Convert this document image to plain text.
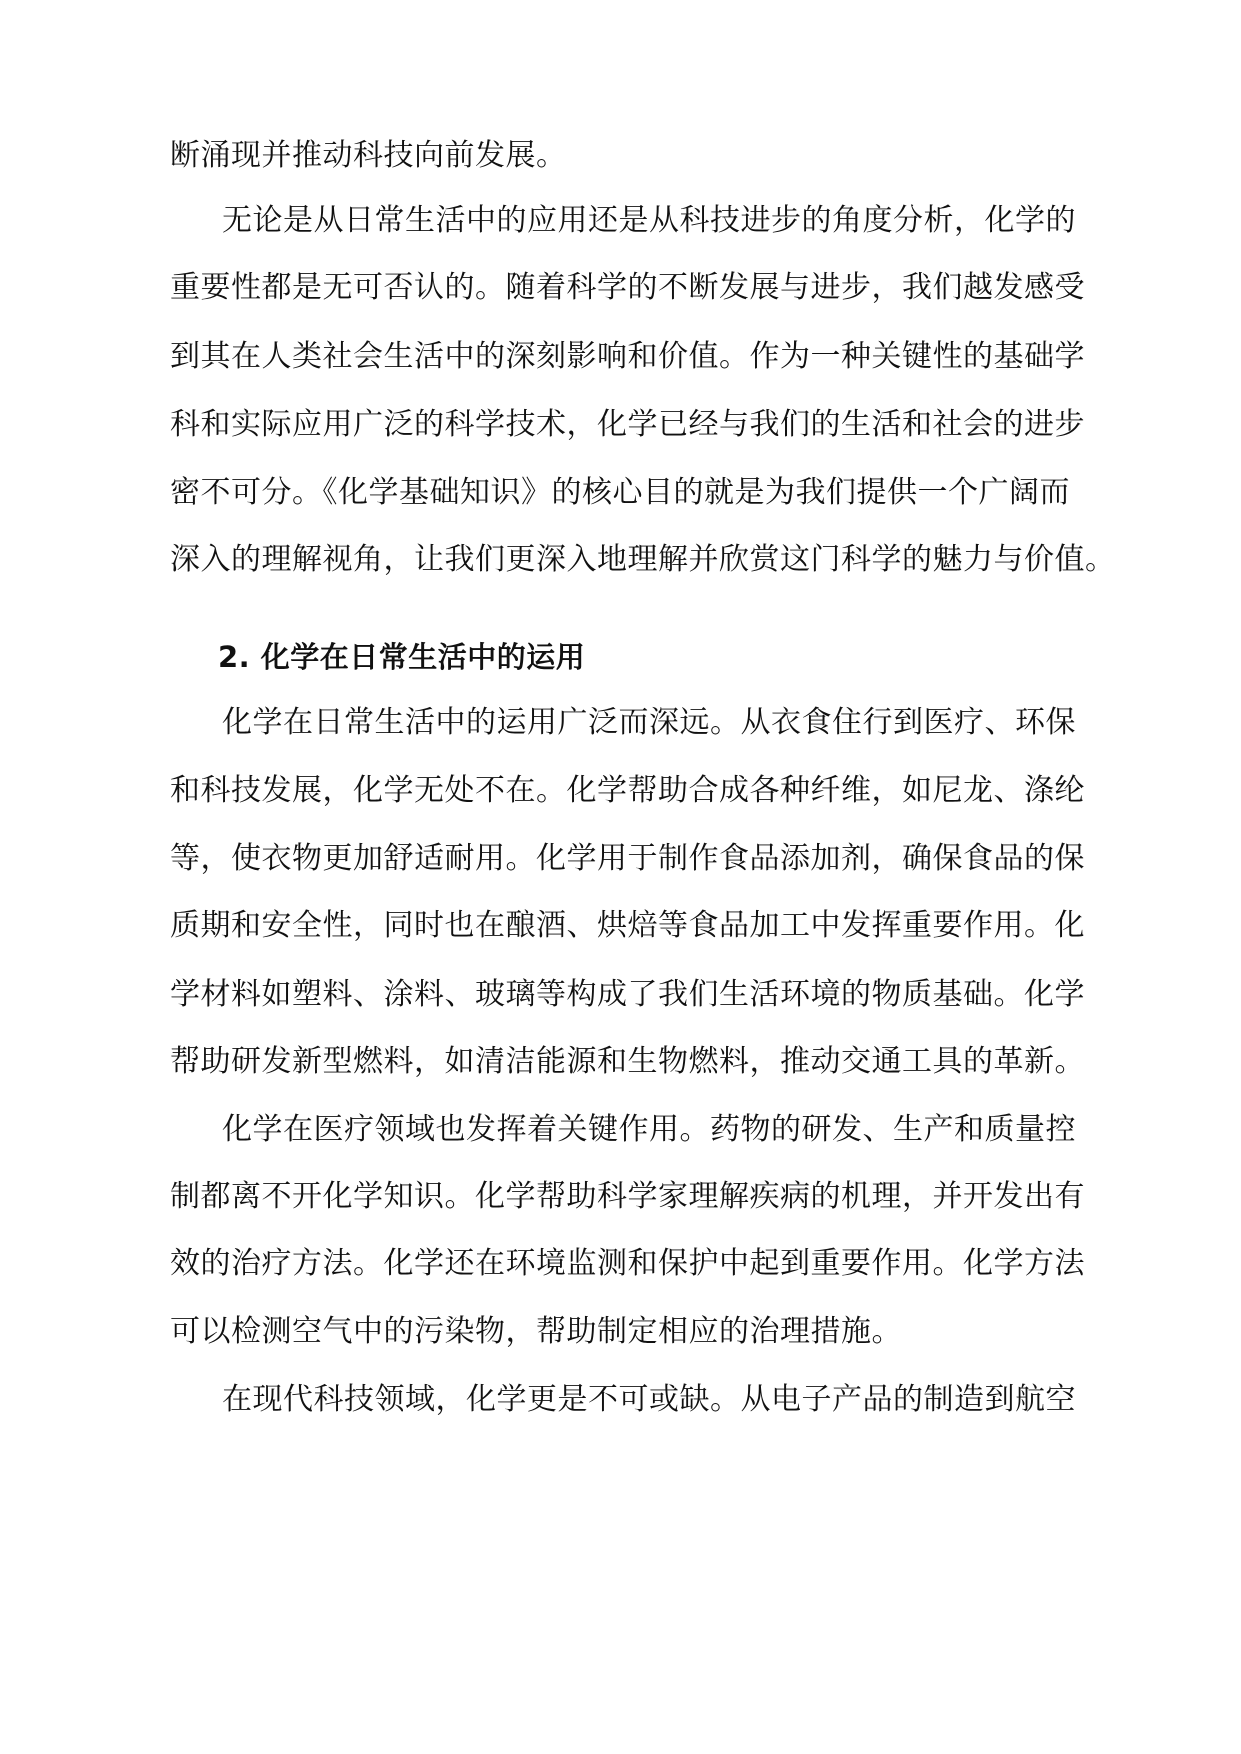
断涌现并推动科技向前发展。
无论是从日常生活中的应用还是从科技进步的角度分析，化学的
重要性都是无可否认的。随着科学的不断发展与进步，我们越发感受
到其在人类社会生活中的深刻影响和价值。作为一种关键性的基础学
科和实际应用广泛的科学技术，化学已经与我们的生活和社会的进步
密不可分。《化学基础知识》的核心目的就是为我们提供一个广阔而
深入的理解视角，让我们更深入地理解并欣赏这门科学的魅力与价值。
2. 化学在日常生活中的运用
化学在日常生活中的运用广泛而深远。从衣食住行到医疗、环保
和科技发展，化学无处不在。化学帮助合成各种纤维，如尼龙、涤纶
等，使衣物更加舒适耐用。化学用于制作食品添加剂，确保食品的保
质期和安全性，同时也在酿酒、烘焙等食品加工中发挥重要作用。化
学材料如塑料、涂料、玻璃等构成了我们生活环境的物质基础。化学
帮助研发新型燃料，如清洁能源和生物燃料，推动交通工具的革新。
化学在医疗领域也发挥着关键作用。药物的研发、生产和质量控
制都离不开化学知识。化学帮助科学家理解疾病的机理，并开发出有
效的治疗方法。化学还在环境监测和保护中起到重要作用。化学方法
可以检测空气中的污染物，帮助制定相应的治理措施。
在现代科技领域，化学更是不可或缺。从电子产品的制造到航空
